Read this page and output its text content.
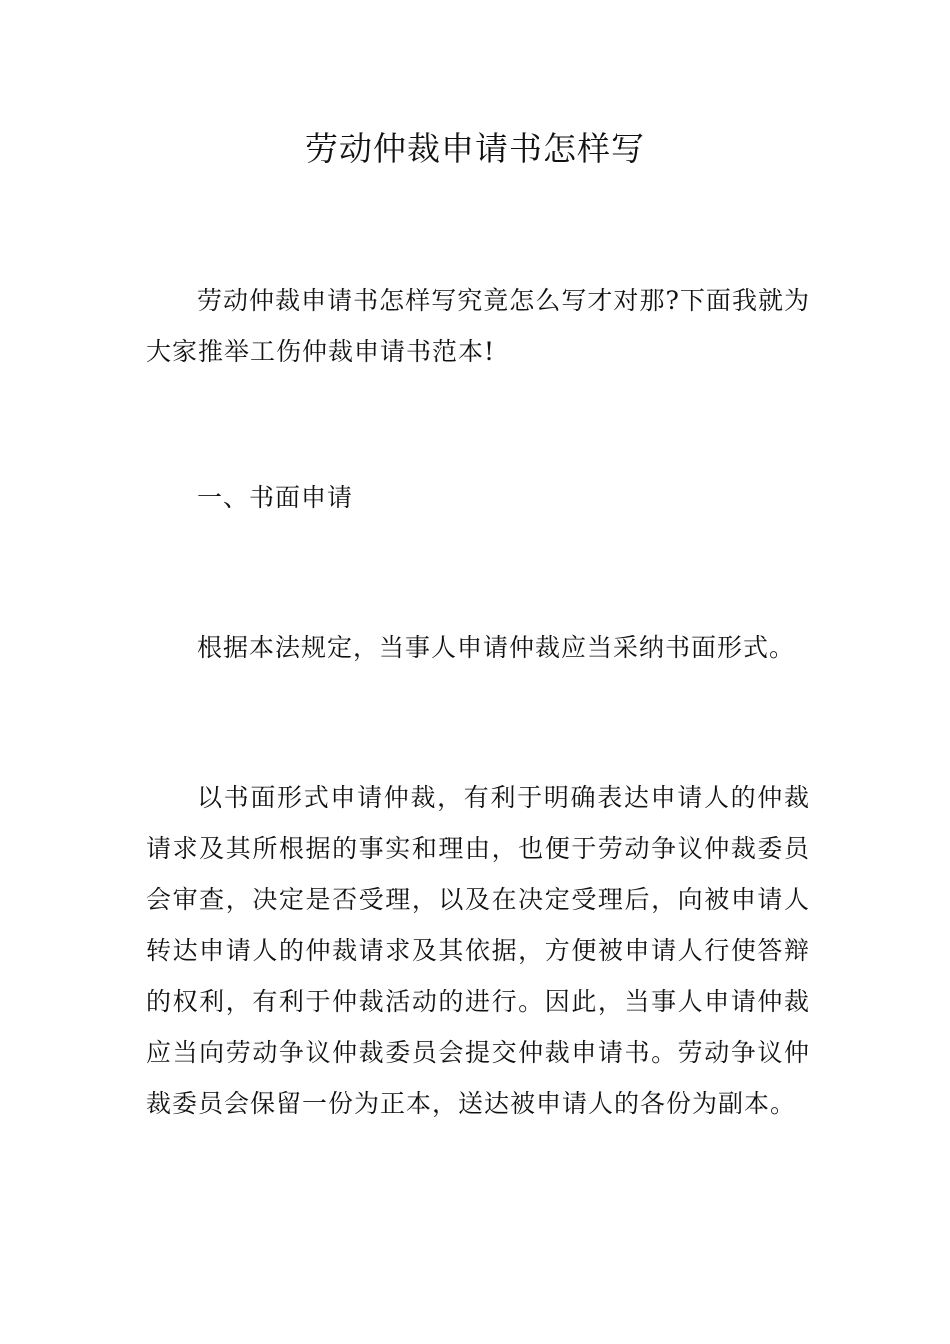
劳动仲裁申请书怎样写

劳动仲裁申请书怎样写究竟怎么写才对那?下面我就为大家推举工伤仲裁申请书范本!

一、书面申请

根据本法规定，当事人申请仲裁应当采纳书面形式。

以书面形式申请仲裁，有利于明确表达申请人的仲裁请求及其所根据的事实和理由，也便于劳动争议仲裁委员会审查，决定是否受理，以及在决定受理后，向被申请人转达申请人的仲裁请求及其依据，方便被申请人行使答辩的权利，有利于仲裁活动的进行。因此，当事人申请仲裁应当向劳动争议仲裁委员会提交仲裁申请书。劳动争议仲裁委员会保留一份为正本，送达被申请人的各份为副本。
